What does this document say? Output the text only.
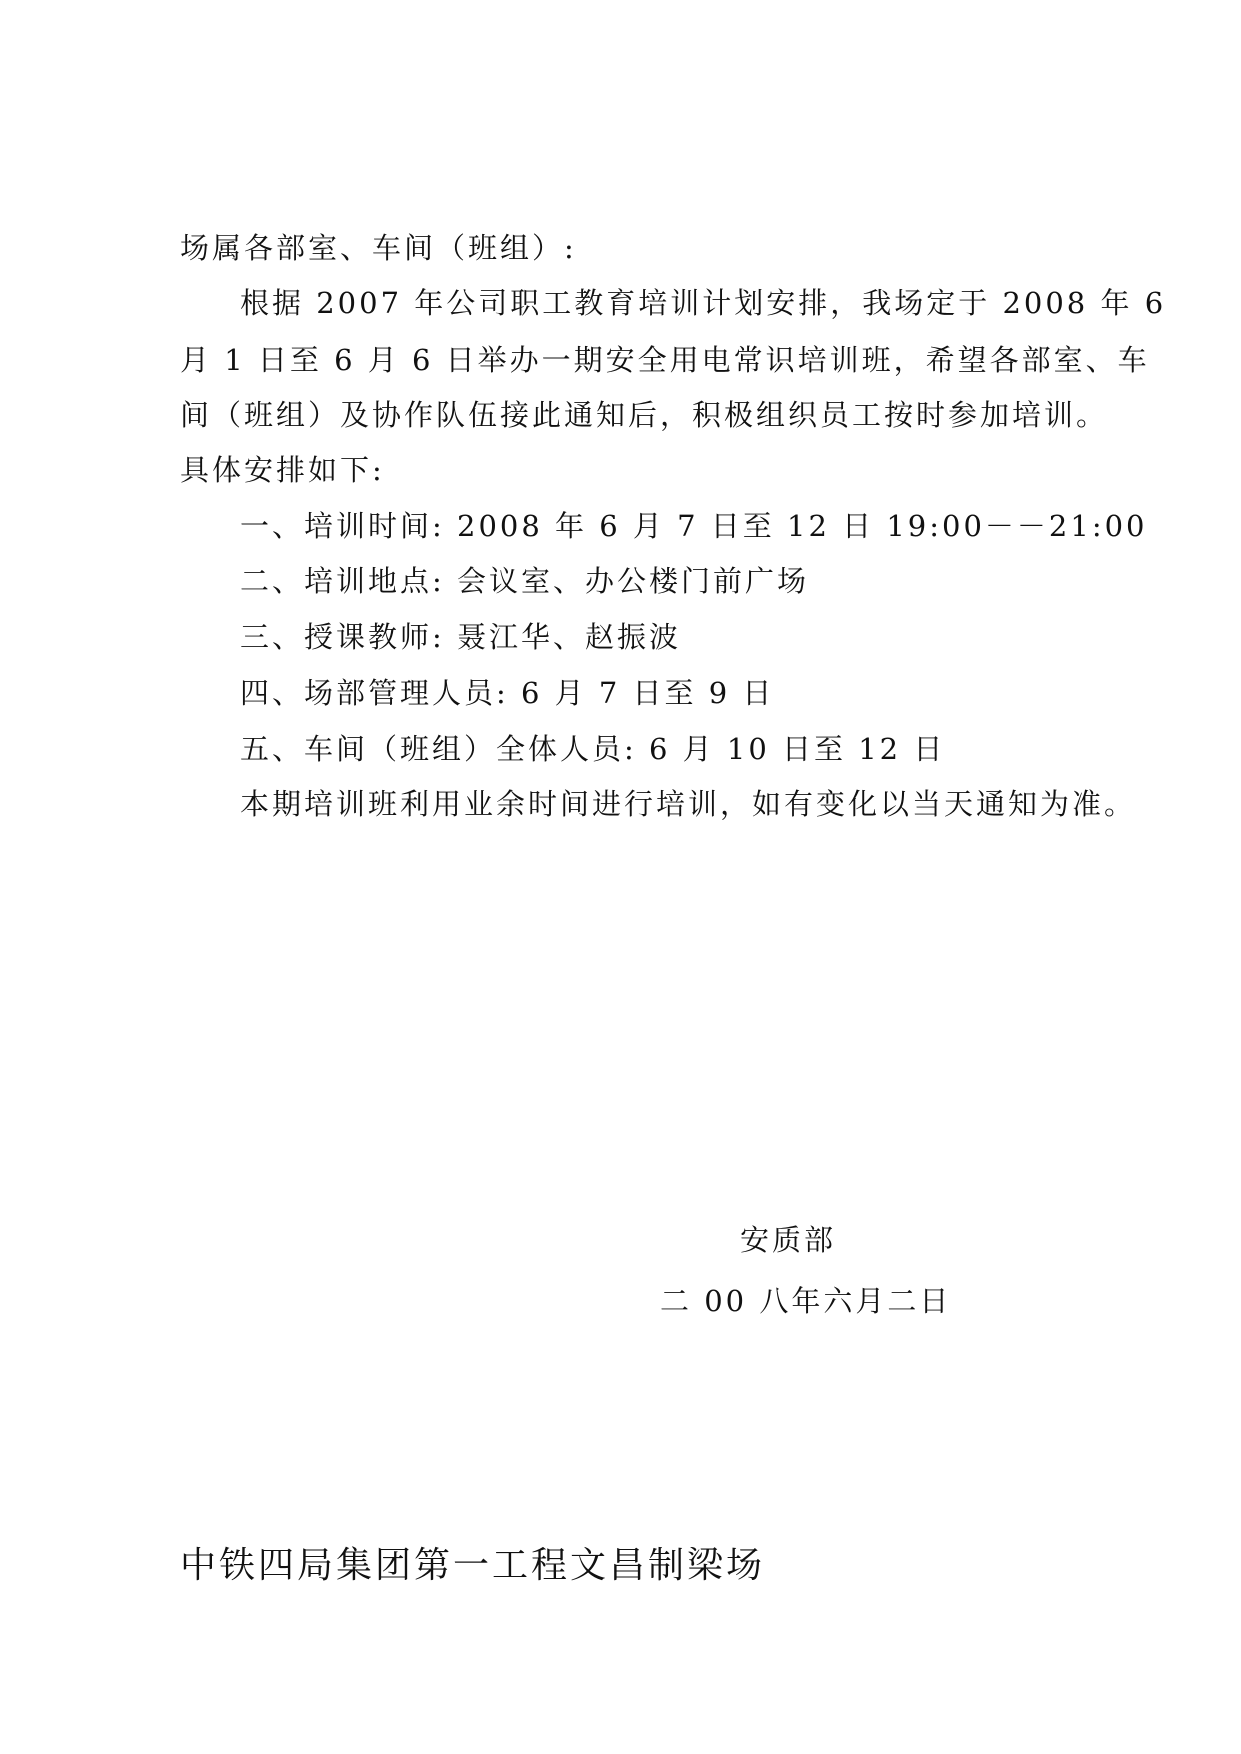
场属各部室、车间（班组）:
根据 2007 年公司职工教育培训计划安排，我场定于 2008 年 6
月 1 日至 6 月 6 日举办一期安全用电常识培训班，希望各部室、车
间（班组）及协作队伍接此通知后，积极组织员工按时参加培训。
具体安排如下:
一、培训时间: 2008 年 6 月 7 日至 12 日 19:00－－21:00
二、培训地点: 会议室、办公楼门前广场
三、授课教师: 聂江华、赵振波
四、场部管理人员: 6 月 7 日至 9 日
五、车间（班组）全体人员: 6 月 10 日至 12 日
本期培训班利用业余时间进行培训，如有变化以当天通知为准。
安质部
二 00 八年六月二日
中铁四局集团第一工程文昌制梁场
